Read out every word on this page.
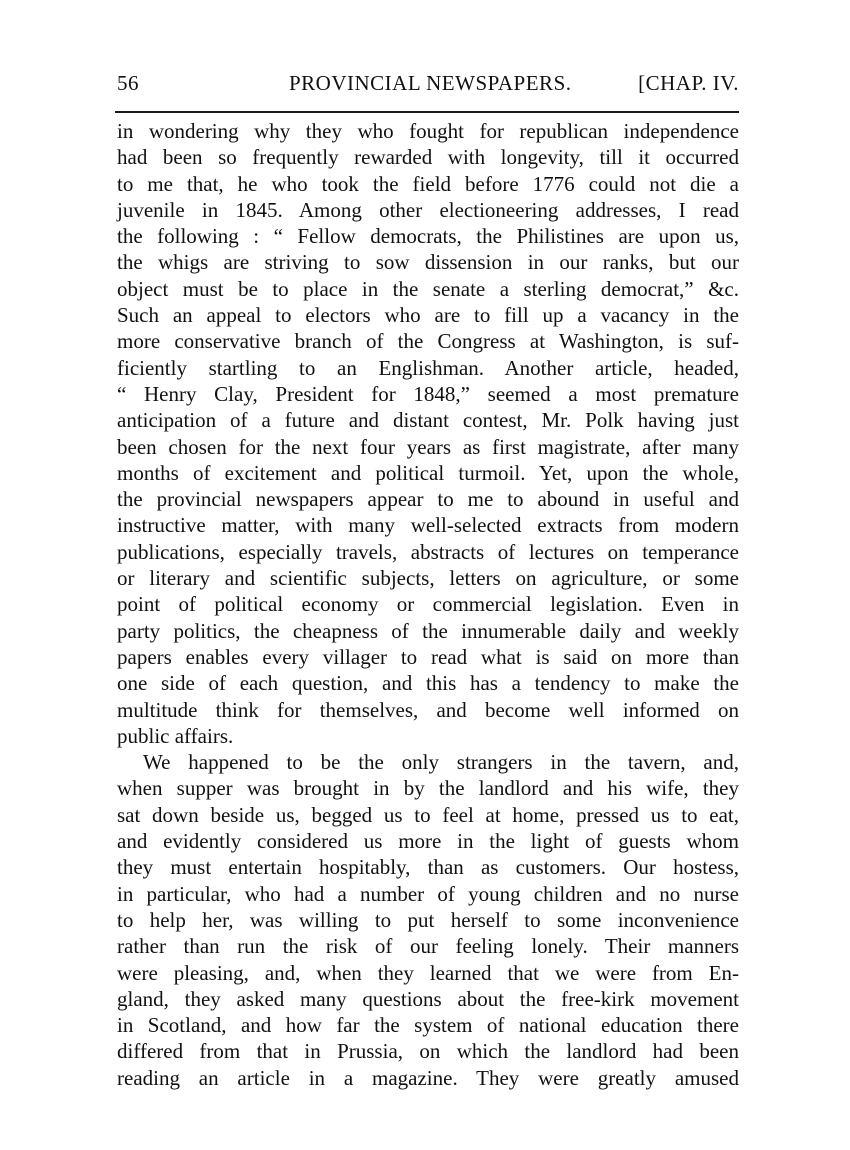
56	PROVINCIAL NEWSPAPERS.	[CHAP. IV.
in wondering why they who fought for republican independence
had been so frequently rewarded with longevity, till it occurred
to me that, he who took the field before 1776 could not die a
juvenile in 1845. Among other electioneering addresses, I read
the following : “ Fellow democrats, the Philistines are upon us,
the whigs are striving to sow dissension in our ranks, but our
object must be to place in the senate a sterling democrat,” &c.
Such an appeal to electors who are to fill up a vacancy in the
more conservative branch of the Congress at Washington, is suf-
ficiently startling to an Englishman. Another article, headed,
“ Henry Clay, President for 1848,” seemed a most premature
anticipation of a future and distant contest, Mr. Polk having just
been chosen for the next four years as first magistrate, after many
months of excitement and political turmoil. Yet, upon the whole,
the provincial newspapers appear to me to abound in useful and
instructive matter, with many well-selected extracts from modern
publications, especially travels, abstracts of lectures on temperance
or literary and scientific subjects, letters on agriculture, or some
point of political economy or commercial legislation. Even in
party politics, the cheapness of the innumerable daily and weekly
papers enables every villager to read what is said on more than
one side of each question, and this has a tendency to make the
multitude think for themselves, and become well informed on
public affairs.
We happened to be the only strangers in the tavern, and,
when supper was brought in by the landlord and his wife, they
sat down beside us, begged us to feel at home, pressed us to eat,
and evidently considered us more in the light of guests whom
they must entertain hospitably, than as customers. Our hostess,
in particular, who had a number of young children and no nurse
to help her, was willing to put herself to some inconvenience
rather than run the risk of our feeling lonely. Their manners
were pleasing, and, when they learned that we were from En-
gland, they asked many questions about the free-kirk movement
in Scotland, and how far the system of national education there
differed from that in Prussia, on which the landlord had been
reading an article in a magazine. They were greatly amused
